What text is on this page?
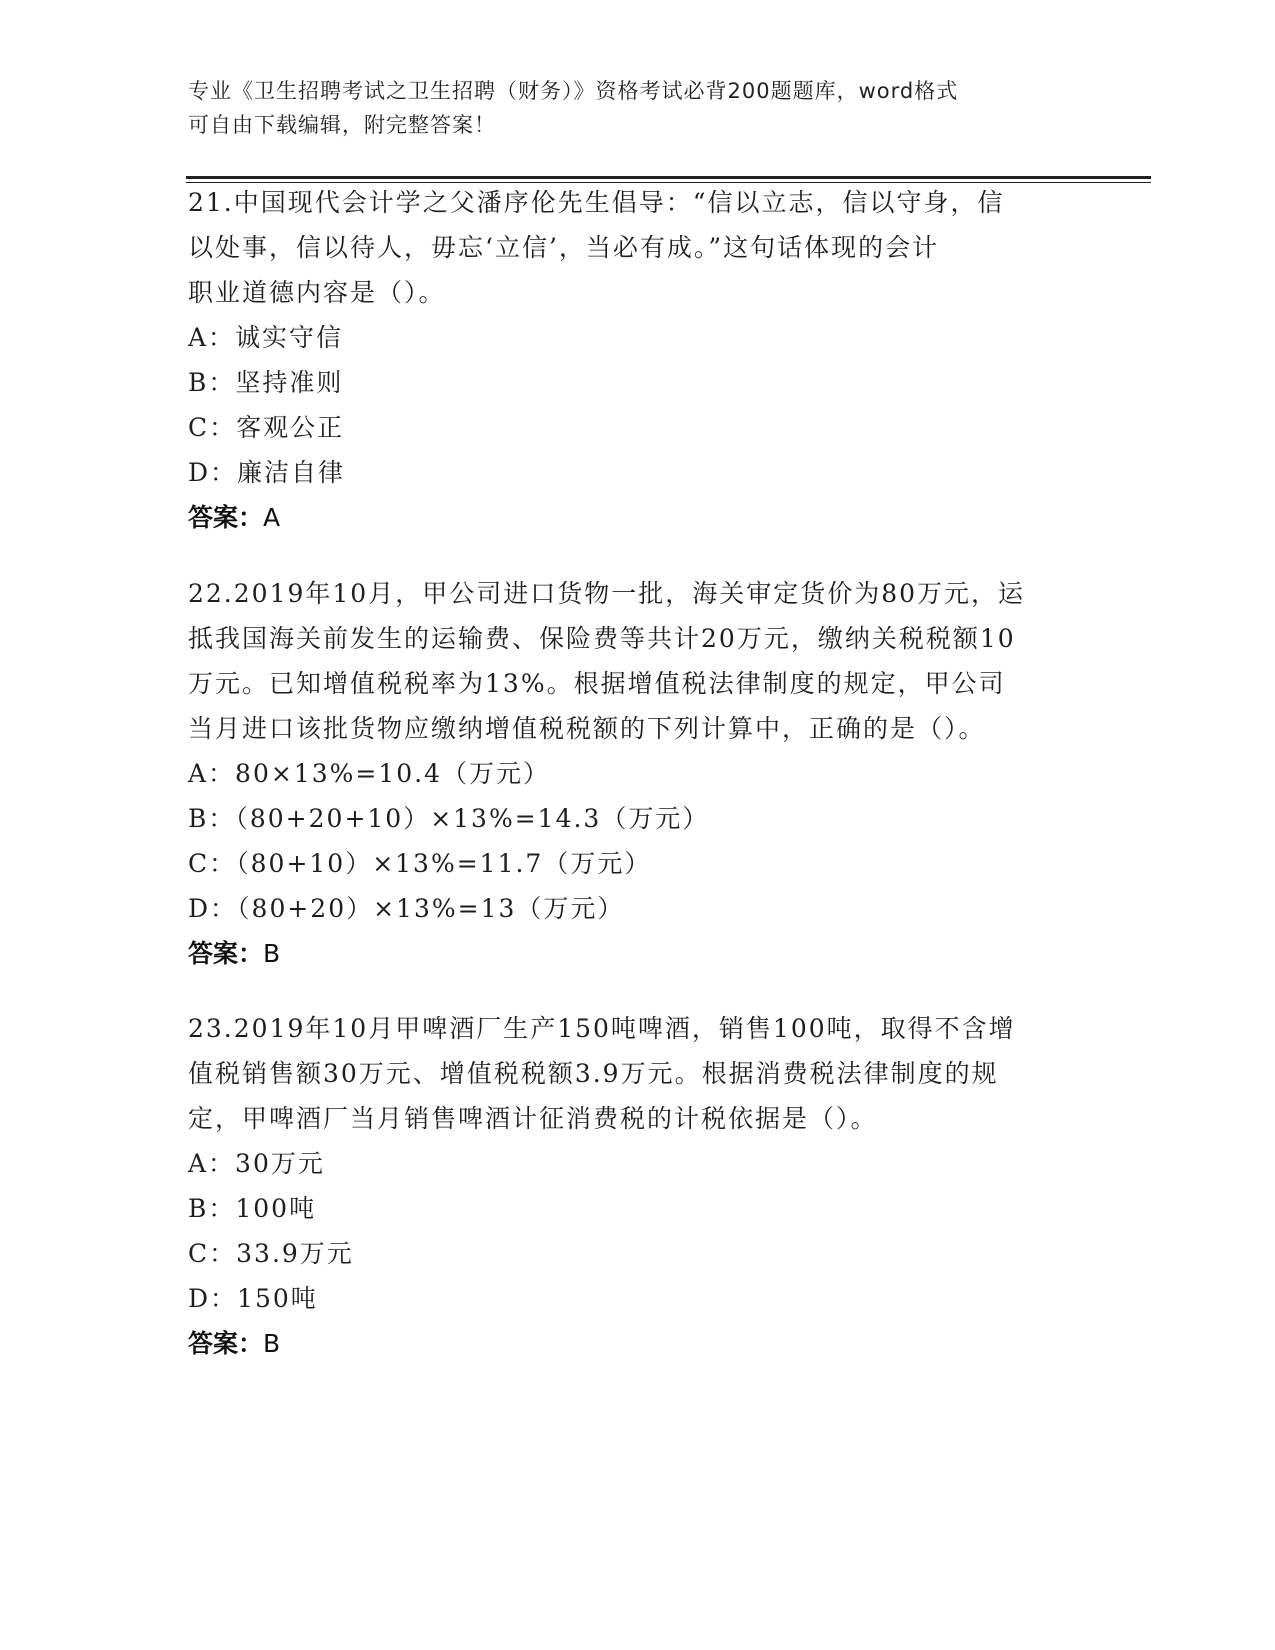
专业《卫生招聘考试之卫生招聘（财务）》资格考试必背200题题库，word格式
可自由下载编辑，附完整答案！

21.中国现代会计学之父潘序伦先生倡导：“信以立志，信以守身，信

以处事，信以待人，毋忘‘立信’，当必有成。”这句话体现的会计

职业道德内容是（）。

A：诚实守信

B：坚持准则

C：客观公正

D：廉洁自律

答案：A

22.2019年10月，甲公司进口货物一批，海关审定货价为80万元，运

抵我国海关前发生的运输费、保险费等共计20万元，缴纳关税税额10

万元。已知增值税税率为13%。根据增值税法律制度的规定，甲公司

当月进口该批货物应缴纳增值税税额的下列计算中，正确的是（）。

A：80×13%=10.4（万元）

B：（80+20+10）×13%=14.3（万元）

C：（80+10）×13%=11.7（万元）

D：（80+20）×13%=13（万元）

答案：B

23.2019年10月甲啤酒厂生产150吨啤酒，销售100吨，取得不含增

值税销售额30万元、增值税税额3.9万元。根据消费税法律制度的规

定，甲啤酒厂当月销售啤酒计征消费税的计税依据是（）。

A：30万元

B：100吨

C：33.9万元

D：150吨

答案：B
